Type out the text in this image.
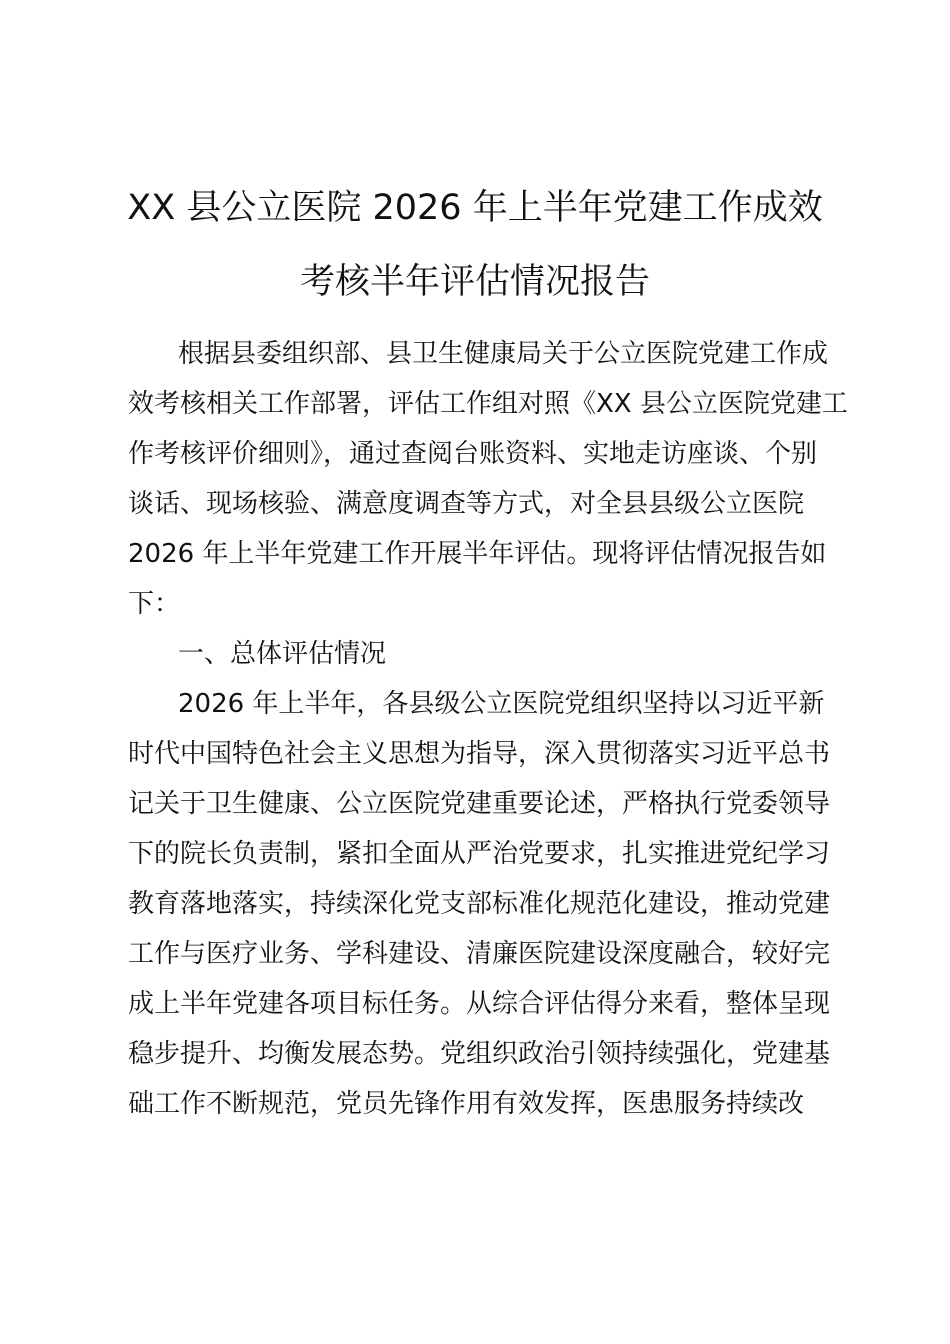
XX 县公立医院 2026 年上半年党建工作成效
考核半年评估情况报告
根据县委组织部、县卫生健康局关于公立医院党建工作成
效考核相关工作部署，评估工作组对照《XX 县公立医院党建工
作考核评价细则》，通过查阅台账资料、实地走访座谈、个别
谈话、现场核验、满意度调查等方式，对全县县级公立医院
2026 年上半年党建工作开展半年评估。现将评估情况报告如
下：
一、总体评估情况
2026 年上半年，各县级公立医院党组织坚持以习近平新
时代中国特色社会主义思想为指导，深入贯彻落实习近平总书
记关于卫生健康、公立医院党建重要论述，严格执行党委领导
下的院长负责制，紧扣全面从严治党要求，扎实推进党纪学习
教育落地落实，持续深化党支部标准化规范化建设，推动党建
工作与医疗业务、学科建设、清廉医院建设深度融合，较好完
成上半年党建各项目标任务。从综合评估得分来看，整体呈现
稳步提升、均衡发展态势。党组织政治引领持续强化，党建基
础工作不断规范，党员先锋作用有效发挥，医患服务持续改
